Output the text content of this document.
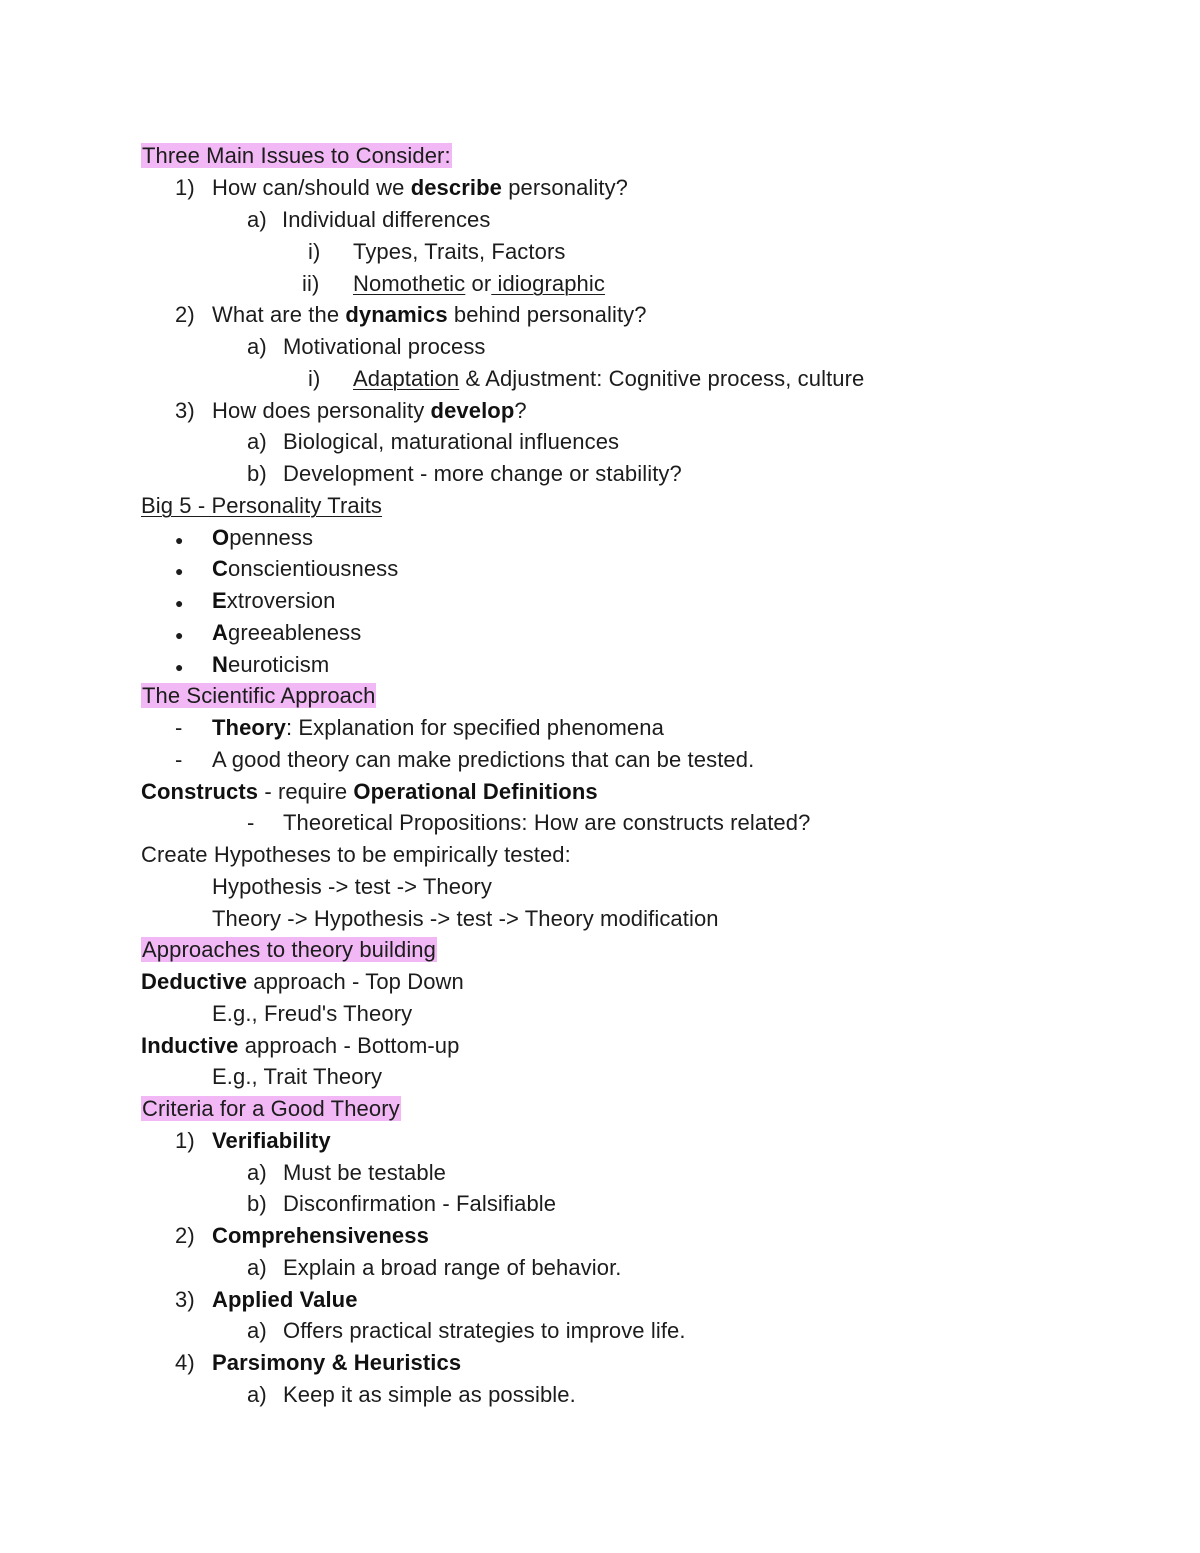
Three Main Issues to Consider:
1) How can/should we describe personality?
a) Individual differences
i) Types, Traits, Factors
ii) Nomothetic or idiographic
2) What are the dynamics behind personality?
a) Motivational process
i) Adaptation & Adjustment: Cognitive process, culture
3) How does personality develop?
a) Biological, maturational influences
b) Development - more change or stability?
Big 5 - Personality Traits
● Openness
● Conscientiousness
● Extroversion
● Agreeableness
● Neuroticism
The Scientific Approach
- Theory: Explanation for specified phenomena
- A good theory can make predictions that can be tested.
Constructs - require Operational Definitions
- Theoretical Propositions: How are constructs related?
Create Hypotheses to be empirically tested:
Hypothesis -> test -> Theory
Theory -> Hypothesis -> test -> Theory modification
Approaches to theory building
Deductive approach - Top Down
E.g., Freud's Theory
Inductive approach - Bottom-up
E.g., Trait Theory
Criteria for a Good Theory
1) Verifiability
a) Must be testable
b) Disconfirmation - Falsifiable
2) Comprehensiveness
a) Explain a broad range of behavior.
3) Applied Value
a) Offers practical strategies to improve life.
4) Parsimony & Heuristics
a) Keep it as simple as possible.
